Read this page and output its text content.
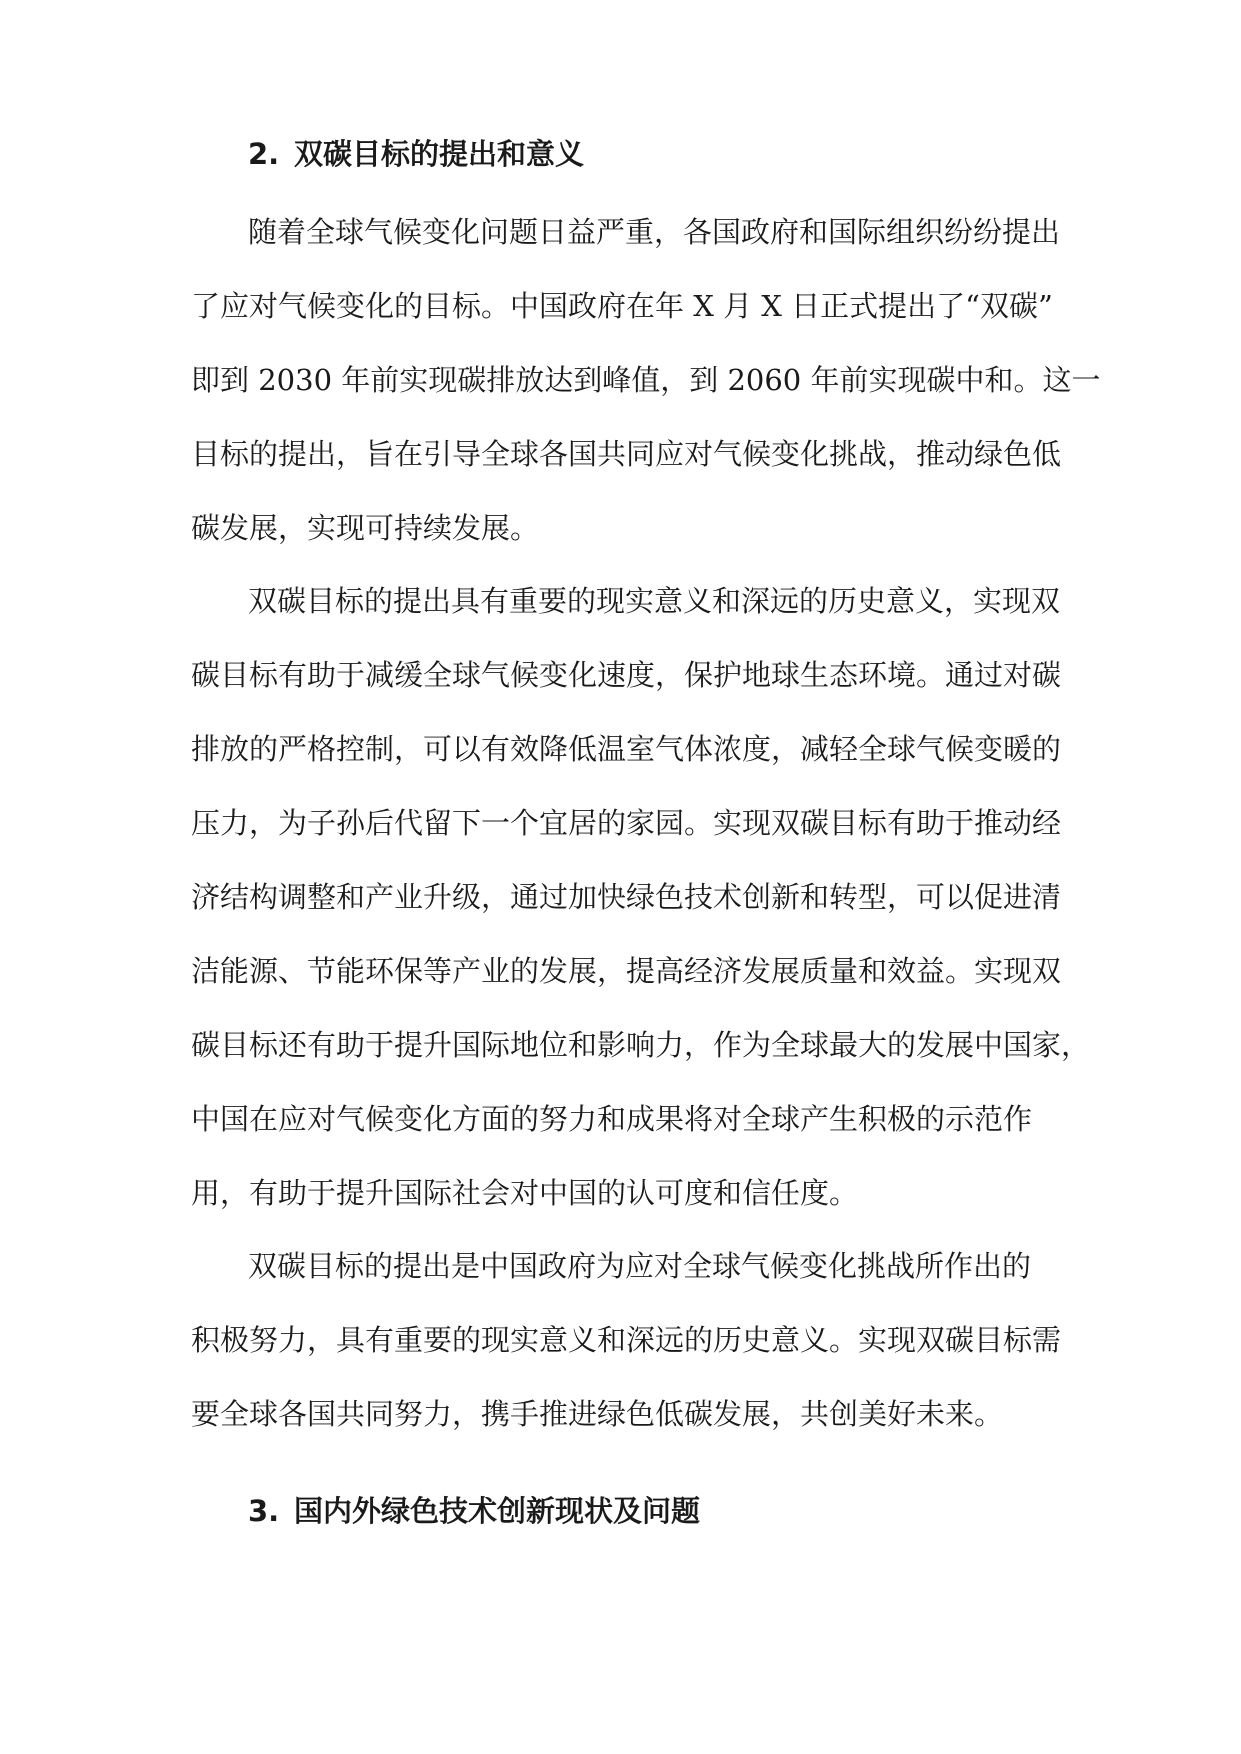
2. 双碳目标的提出和意义
随着全球气候变化问题日益严重，各国政府和国际组织纷纷提出
了应对气候变化的目标。中国政府在年 X 月 X 日正式提出了“双碳”
即到 2030 年前实现碳排放达到峰值，到 2060 年前实现碳中和。这一
目标的提出，旨在引导全球各国共同应对气候变化挑战，推动绿色低
碳发展，实现可持续发展。
双碳目标的提出具有重要的现实意义和深远的历史意义，实现双
碳目标有助于减缓全球气候变化速度，保护地球生态环境。通过对碳
排放的严格控制，可以有效降低温室气体浓度，减轻全球气候变暖的
压力，为子孙后代留下一个宜居的家园。实现双碳目标有助于推动经
济结构调整和产业升级，通过加快绿色技术创新和转型，可以促进清
洁能源、节能环保等产业的发展，提高经济发展质量和效益。实现双
碳目标还有助于提升国际地位和影响力，作为全球最大的发展中国家，
中国在应对气候变化方面的努力和成果将对全球产生积极的示范作
用，有助于提升国际社会对中国的认可度和信任度。
双碳目标的提出是中国政府为应对全球气候变化挑战所作出的
积极努力，具有重要的现实意义和深远的历史意义。实现双碳目标需
要全球各国共同努力，携手推进绿色低碳发展，共创美好未来。
3. 国内外绿色技术创新现状及问题
